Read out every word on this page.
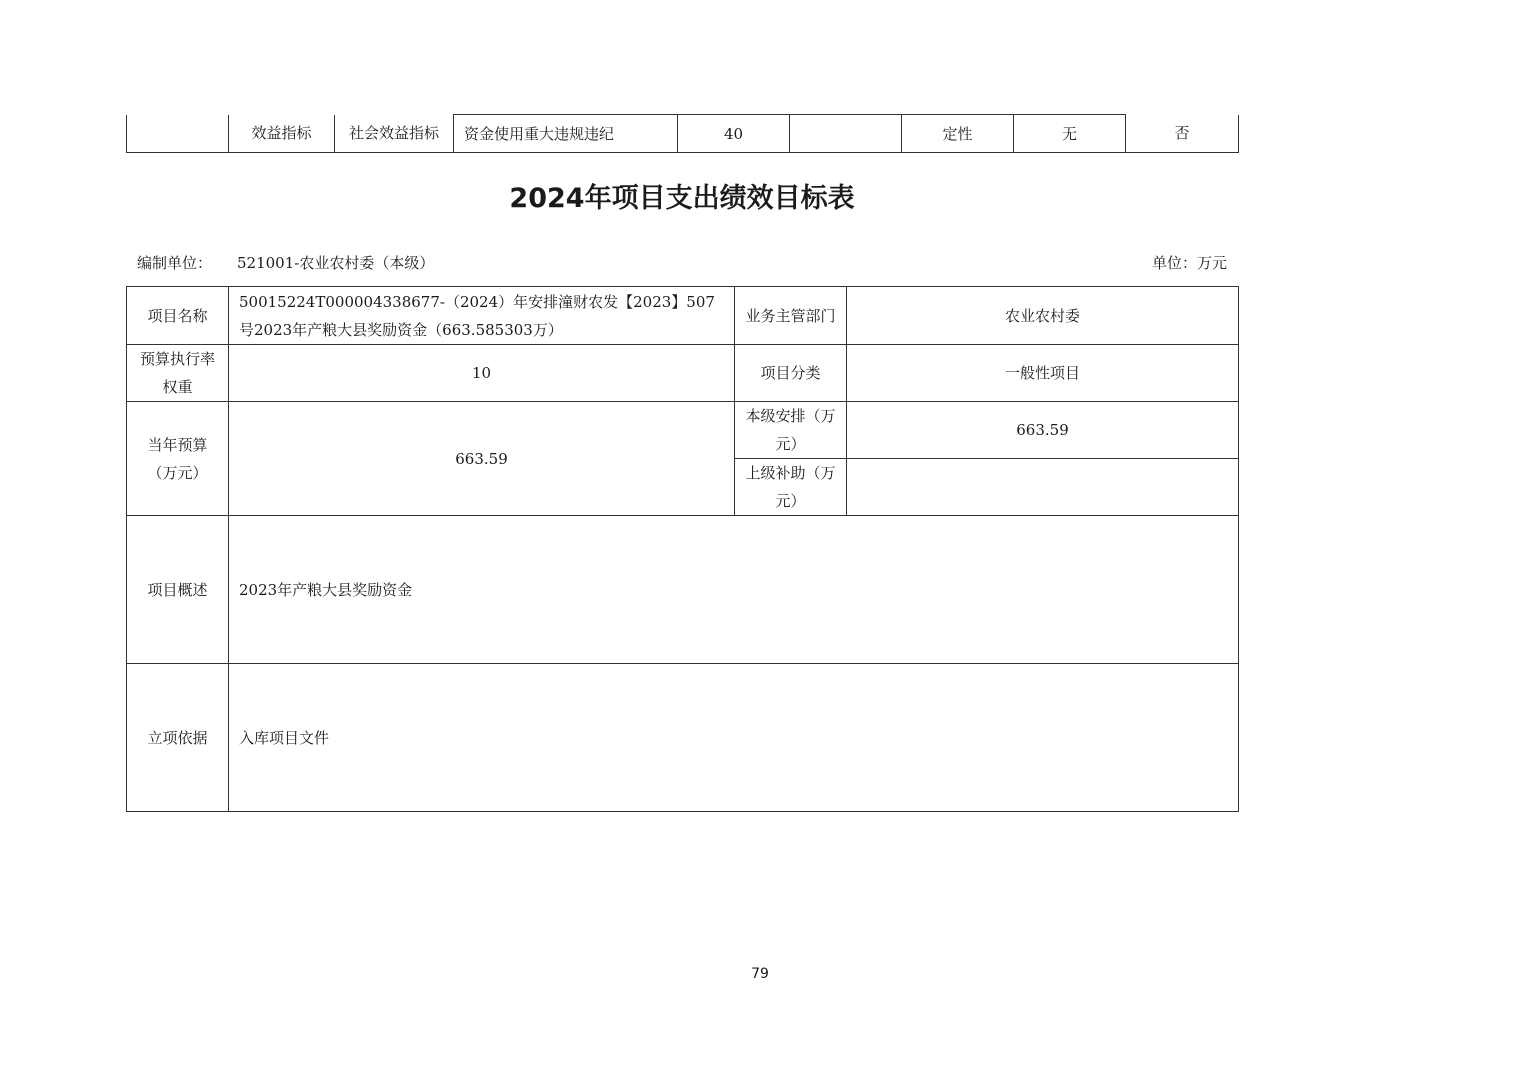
	效益指标	社会效益指标	资金使用重大违规违纪	40		定性	无	否
2024年项目支出绩效目标表
编制单位： 521001-农业农村委（本级）	单位：万元
项目名称	50015224T000004338677-（2024）年安排潼财农发【2023】507号2023年产粮大县奖励资金（663.585303万）	业务主管部门	农业农村委
预算执行率权重	10	项目分类	一般性项目
当年预算（万元）	663.59	本级安排（万元）	663.59
		上级补助（万元）	
项目概述	2023年产粮大县奖励资金		
立项依据	入库项目文件		
79
